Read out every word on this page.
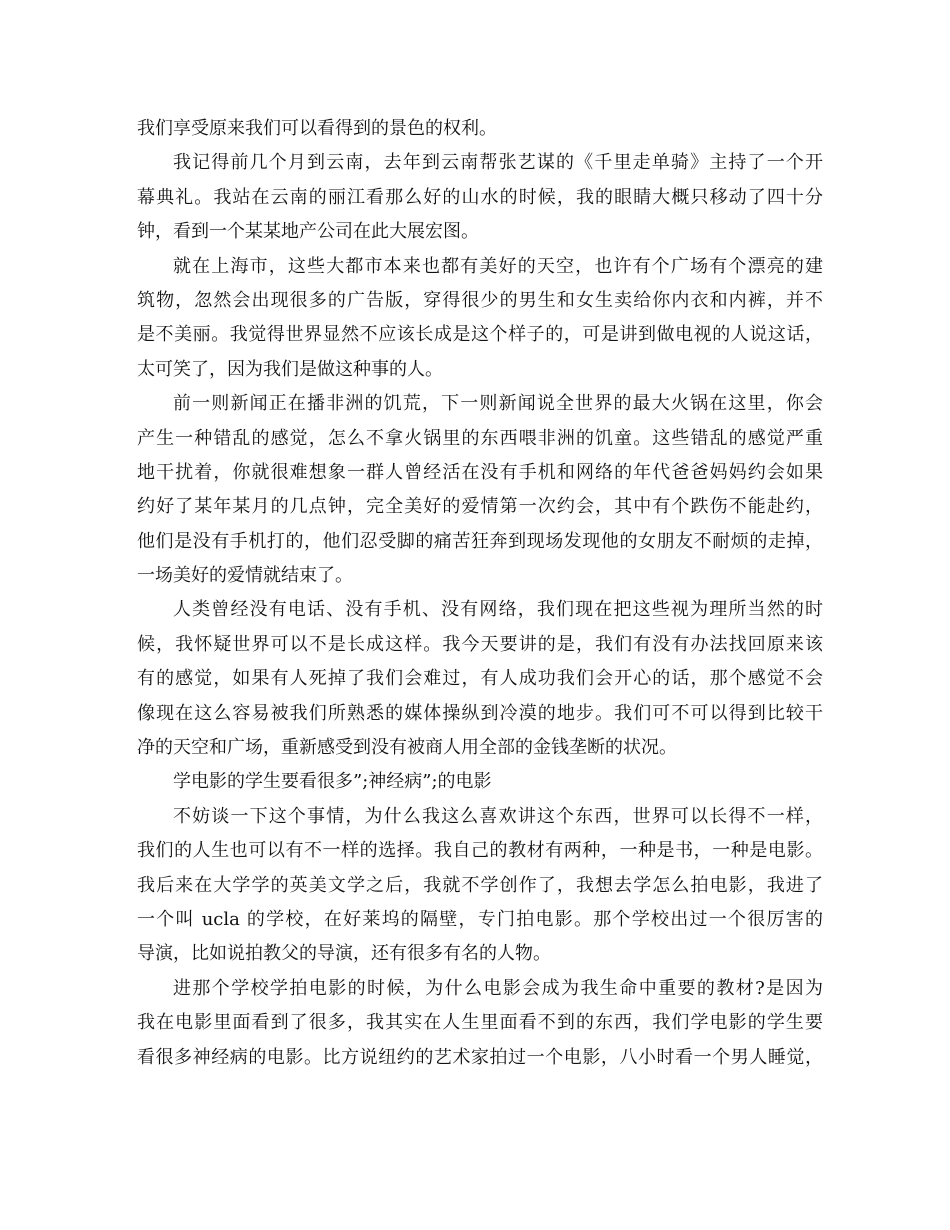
我们享受原来我们可以看得到的景色的权利。
我记得前几个月到云南，去年到云南帮张艺谋的《千里走单骑》主持了一个开
幕典礼。我站在云南的丽江看那么好的山水的时候，我的眼睛大概只移动了四十分
钟，看到一个某某地产公司在此大展宏图。
就在上海市，这些大都市本来也都有美好的天空，也许有个广场有个漂亮的建
筑物，忽然会出现很多的广告版，穿得很少的男生和女生卖给你内衣和内裤，并不
是不美丽。我觉得世界显然不应该长成是这个样子的，可是讲到做电视的人说这话，
太可笑了，因为我们是做这种事的人。
前一则新闻正在播非洲的饥荒，下一则新闻说全世界的最大火锅在这里，你会
产生一种错乱的感觉，怎么不拿火锅里的东西喂非洲的饥童。这些错乱的感觉严重
地干扰着，你就很难想象一群人曾经活在没有手机和网络的年代爸爸妈妈约会如果
约好了某年某月的几点钟，完全美好的爱情第一次约会，其中有个跌伤不能赴约，
他们是没有手机打的，他们忍受脚的痛苦狂奔到现场发现他的女朋友不耐烦的走掉，
一场美好的爱情就结束了。
人类曾经没有电话、没有手机、没有网络，我们现在把这些视为理所当然的时
候，我怀疑世界可以不是长成这样。我今天要讲的是，我们有没有办法找回原来该
有的感觉，如果有人死掉了我们会难过，有人成功我们会开心的话，那个感觉不会
像现在这么容易被我们所熟悉的媒体操纵到冷漠的地步。我们可不可以得到比较干
净的天空和广场，重新感受到没有被商人用全部的金钱垄断的状况。
学电影的学生要看很多”;神经病”;的电影
不妨谈一下这个事情，为什么我这么喜欢讲这个东西，世界可以长得不一样，
我们的人生也可以有不一样的选择。我自己的教材有两种，一种是书，一种是电影。
我后来在大学学的英美文学之后，我就不学创作了，我想去学怎么拍电影，我进了
一个叫 ucla 的学校，在好莱坞的隔壁，专门拍电影。那个学校出过一个很厉害的
导演，比如说拍教父的导演，还有很多有名的人物。
进那个学校学拍电影的时候，为什么电影会成为我生命中重要的教材?是因为
我在电影里面看到了很多，我其实在人生里面看不到的东西，我们学电影的学生要
看很多神经病的电影。比方说纽约的艺术家拍过一个电影，八小时看一个男人睡觉，
